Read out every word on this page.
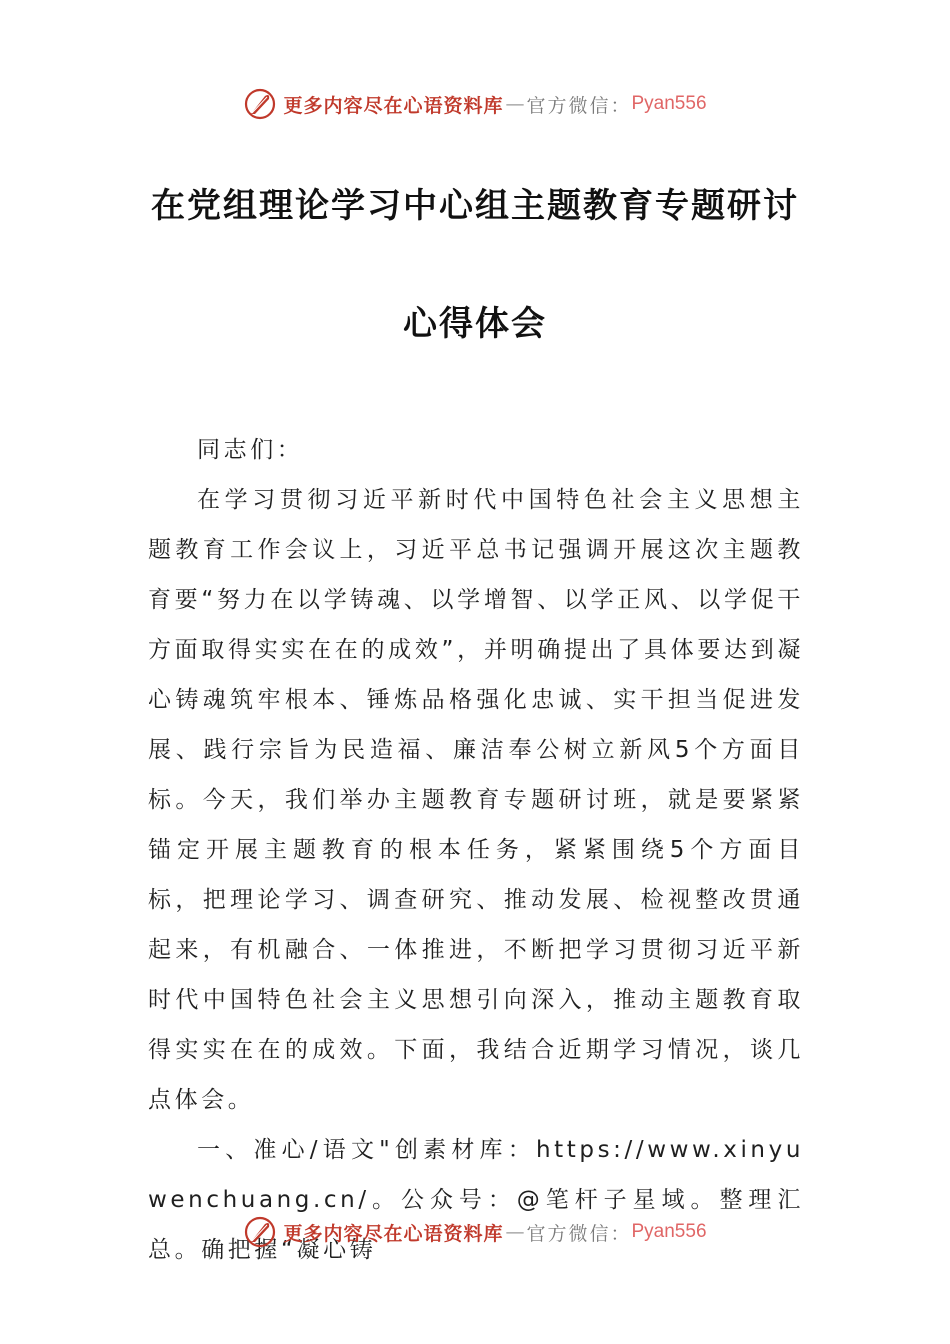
更多内容尽在心语资料库 — 官方微信： Pyan556
在党组理论学习中心组主题教育专题研讨
心得体会

同志们：

在学习贯彻习近平新时代中国特色社会主义思想主题教育工作会议上，习近平总书记强调开展这次主题教育要“努力在以学铸魂、以学增智、以学正风、以学促干方面取得实实在在的成效”，并明确提出了具体要达到凝心铸魂筑牢根本、锤炼品格强化忠诚、实干担当促进发展、践行宗旨为民造福、廉洁奉公树立新风5个方面目标。今天，我们举办主题教育专题研讨班，就是要紧紧锚定开展主题教育的根本任务，紧紧围绕5个方面目标，把理论学习、调查研究、推动发展、检视整改贯通起来，有机融合、一体推进，不断把学习贯彻习近平新时代中国特色社会主义思想引向深入，推动主题教育取得实实在在的成效。下面，我结合近期学习情况，谈几点体会。

一、准心/语文"创素材库：https://www.xinyuwenchuang.cn/。公众号：@笔杆子星域。整理汇总。确把握“凝心铸

更多内容尽在心语资料库 — 官方微信： Pyan556
